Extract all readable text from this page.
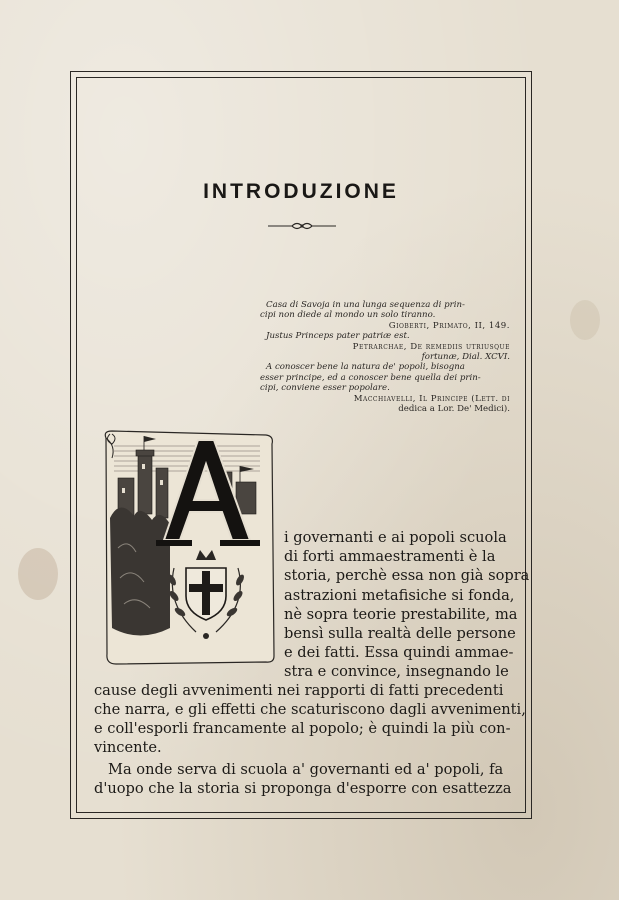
INTRODUZIONE
Casa di Savoja in una lunga sequenza di prin-
cipi non diede al mondo un solo tiranno.
Gioberti, Primato, II, 149.
Justus Princeps pater patriæ est.
Petrarchae, De remediis utriusque
fortunæ, Dial. XCVI.
A conoscer bene la natura de' popoli, bisogna
esser principe, ed a conoscer bene quella dei prin-
cipi, conviene esser popolare.
Macchiavelli, Il Principe (Lett. di
dedica a Lor. De' Medici).
i governanti e ai popoli scuola
di forti ammaestramenti è la
storia, perchè essa non già sopra
astrazioni metafisiche si fonda,
nè sopra teorie prestabilite, ma
bensì sulla realtà delle persone
e dei fatti. Essa quindi ammae-
stra e convince, insegnando le
cause degli avvenimenti nei rapporti di fatti precedenti
che narra, e gli effetti che scaturiscono dagli avvenimenti,
e coll'esporli francamente al popolo; è quindi la più con-
vincente.
Ma onde serva di scuola a' governanti ed a' popoli, fa
d'uopo che la storia si proponga d'esporre con esattezza
